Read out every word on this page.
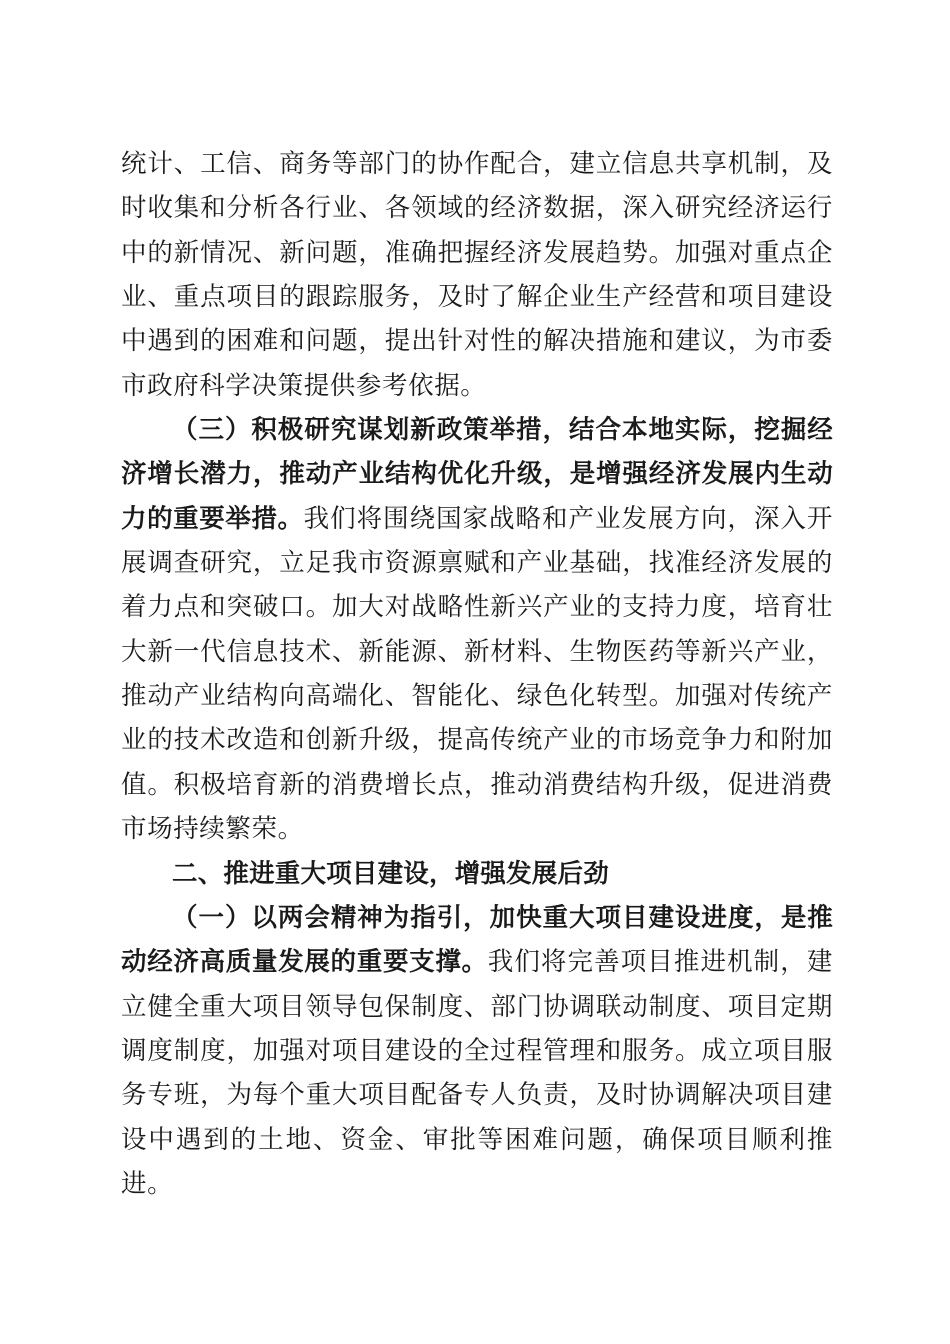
统计、工信、商务等部门的协作配合，建立信息共享机制，及时收集和分析各行业、各领域的经济数据，深入研究经济运行中的新情况、新问题，准确把握经济发展趋势。加强对重点企业、重点项目的跟踪服务，及时了解企业生产经营和项目建设中遇到的困难和问题，提出针对性的解决措施和建议，为市委市政府科学决策提供参考依据。

（三）积极研究谋划新政策举措，结合本地实际，挖掘经济增长潜力，推动产业结构优化升级，是增强经济发展内生动力的重要举措。我们将围绕国家战略和产业发展方向，深入开展调查研究，立足我市资源禀赋和产业基础，找准经济发展的着力点和突破口。加大对战略性新兴产业的支持力度，培育壮大新一代信息技术、新能源、新材料、生物医药等新兴产业，推动产业结构向高端化、智能化、绿色化转型。加强对传统产业的技术改造和创新升级，提高传统产业的市场竞争力和附加值。积极培育新的消费增长点，推动消费结构升级，促进消费市场持续繁荣。

二、推进重大项目建设，增强发展后劲

（一）以两会精神为指引，加快重大项目建设进度，是推动经济高质量发展的重要支撑。我们将完善项目推进机制，建立健全重大项目领导包保制度、部门协调联动制度、项目定期调度制度，加强对项目建设的全过程管理和服务。成立项目服务专班，为每个重大项目配备专人负责，及时协调解决项目建设中遇到的土地、资金、审批等困难问题，确保项目顺利推进。
